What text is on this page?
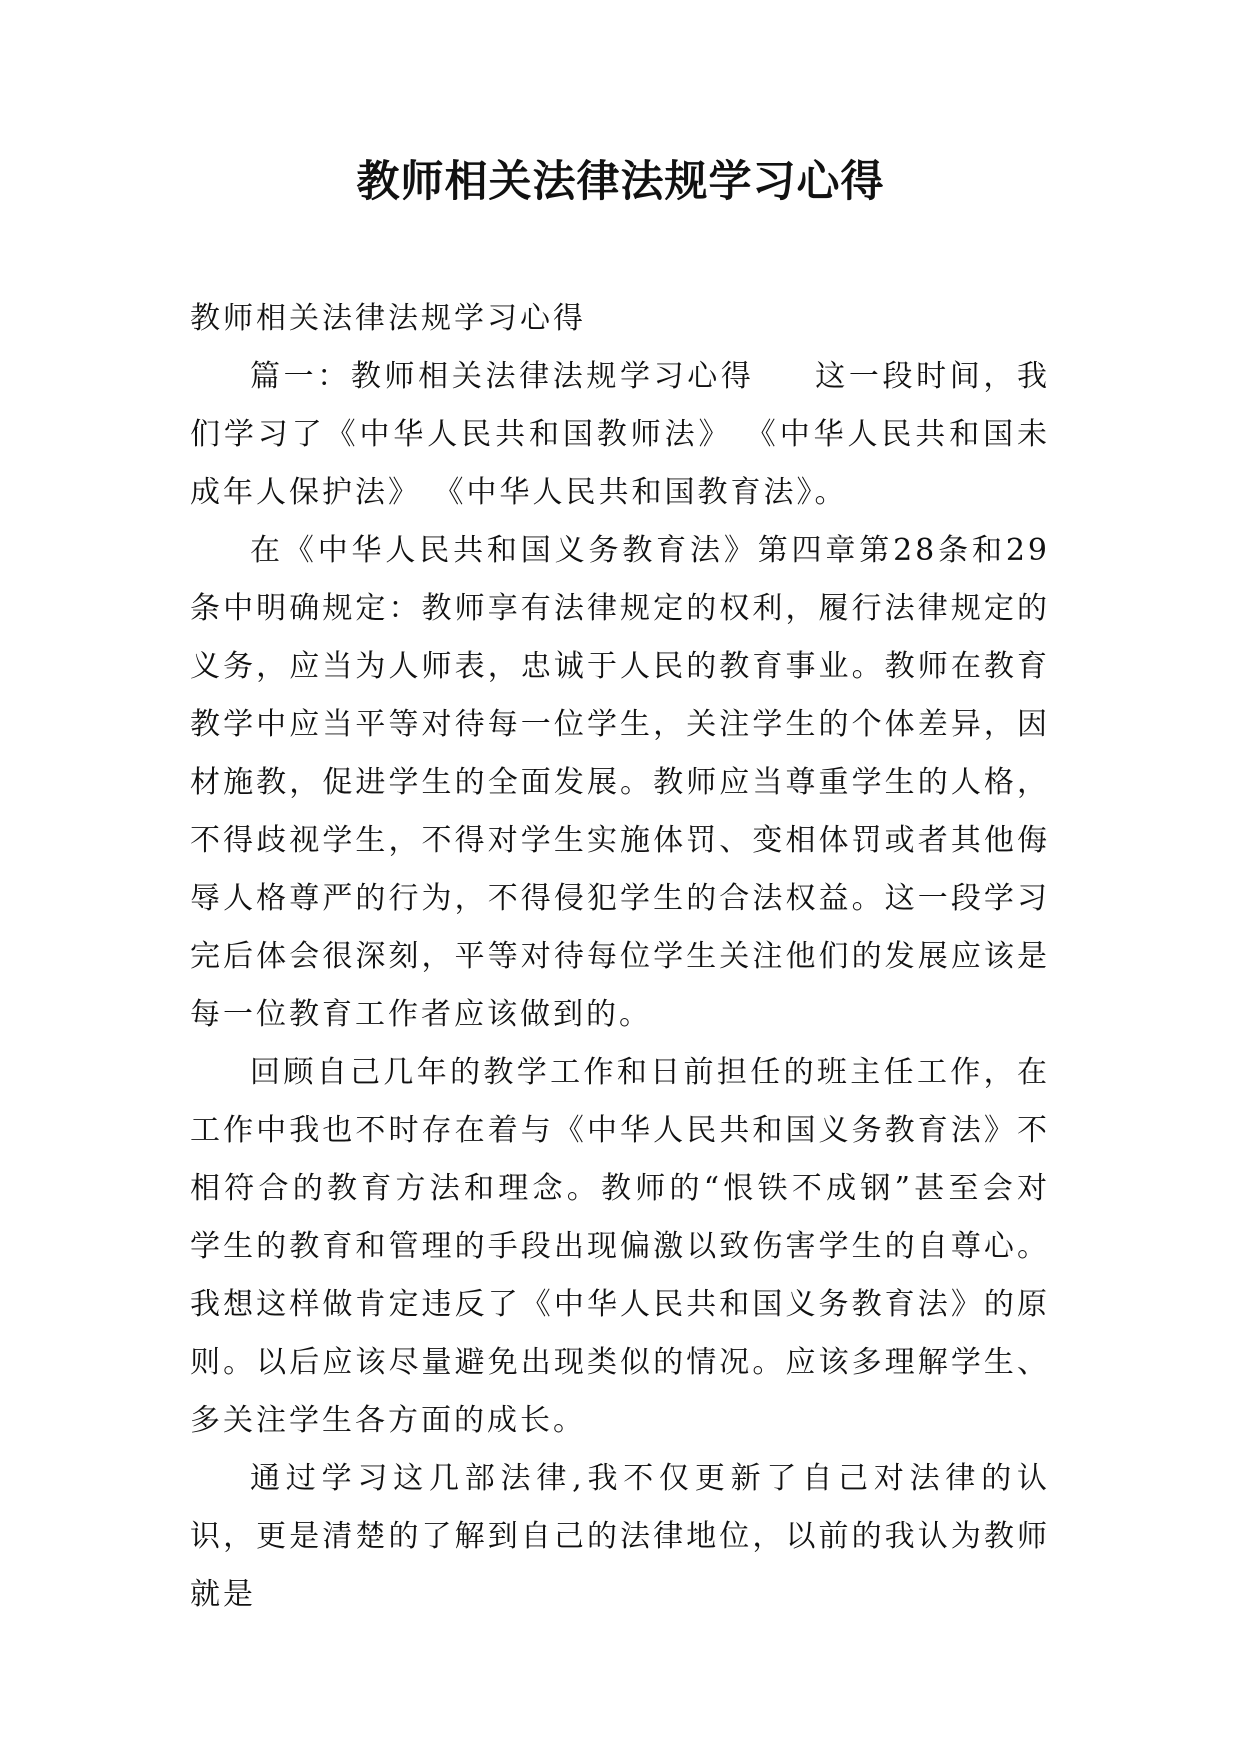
教师相关法律法规学习心得

教师相关法律法规学习心得

篇一：教师相关法律法规学习心得 这一段时间，我们学习了《中华人民共和国教师法》 《中华人民共和国未成年人保护法》 《中华人民共和国教育法》。

在《中华人民共和国义务教育法》第四章第28条和29条中明确规定：教师享有法律规定的权利，履行法律规定的义务，应当为人师表，忠诚于人民的教育事业。教师在教育教学中应当平等对待每一位学生，关注学生的个体差异，因材施教，促进学生的全面发展。教师应当尊重学生的人格，不得歧视学生，不得对学生实施体罚、变相体罚或者其他侮辱人格尊严的行为，不得侵犯学生的合法权益。这一段学习完后体会很深刻，平等对待每位学生关注他们的发展应该是每一位教育工作者应该做到的。

回顾自己几年的教学工作和日前担任的班主任工作，在工作中我也不时存在着与《中华人民共和国义务教育法》不相符合的教育方法和理念。教师的“恨铁不成钢”甚至会对学生的教育和管理的手段出现偏激以致伤害学生的自尊心。我想这样做肯定违反了《中华人民共和国义务教育法》的原则。以后应该尽量避免出现类似的情况。应该多理解学生、多关注学生各方面的成长。

通过学习这几部法律,我不仅更新了自己对法律的认识，更是清楚的了解到自己的法律地位，以前的我认为教师就是
